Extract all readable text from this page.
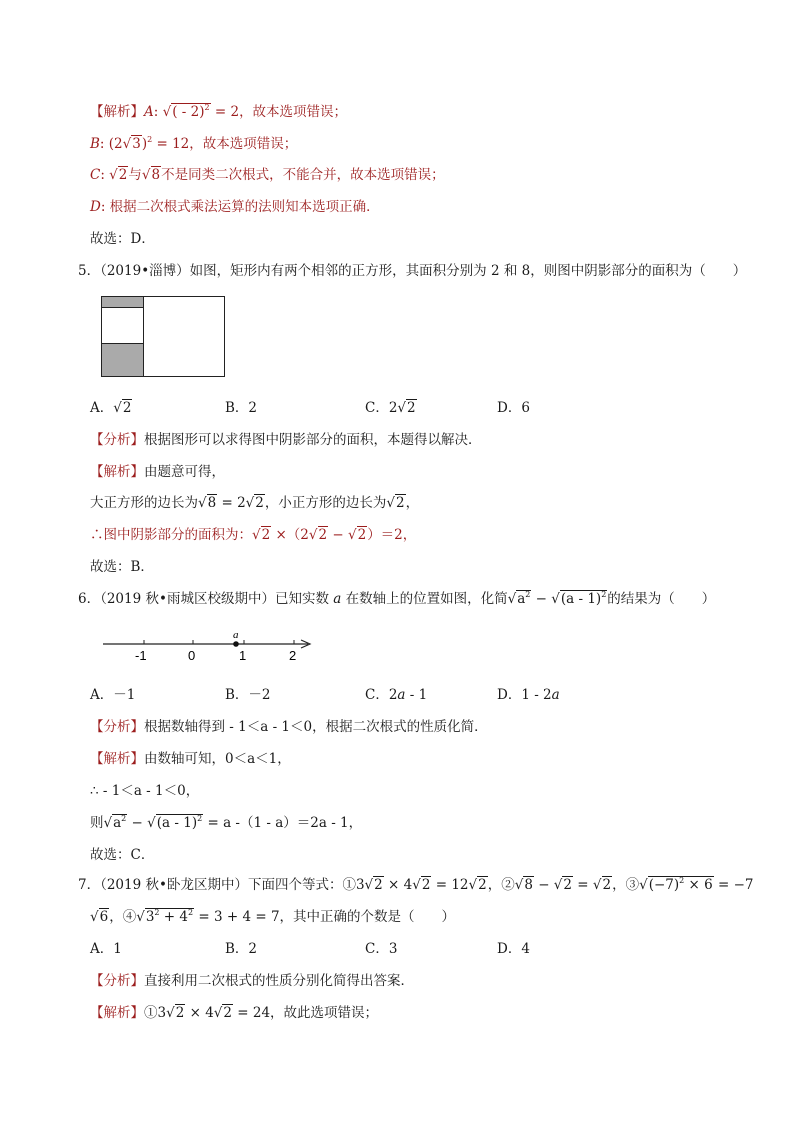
【解析】A: √( - 2)$^2$ = 2，故本选项错误；
B: $(2√3)^2 = 12$，故本选项错误；
C: √2与√8不是同类二次根式，不能合并，故本选项错误；
D: 根据二次根式乘法运算的法则知本选项正确．
故选：D．
5．（2019•淄博）如图，矩形内有两个相邻的正方形，其面积分别为 2 和 8，则图中阴影部分的面积为（　　）
A．√2	B．2	C．2√2	D．6
【分析】根据图形可以求得图中阴影部分的面积，本题得以解决．
【解析】由题意可得，
大正方形的边长为√8 = 2√2，小正方形的边长为√2，
∴图中阴影部分的面积为：√2 ×（2√2 − √2）＝2，
故选：B．
6．（2019 秋•雨城区校级期中）已知实数 a 在数轴上的位置如图，化简$√a^2 - √(a - 1)^2$的结果为（　　）
a
-1	0	1	2
A．－1	B．－2	C．2a - 1	D．1 - 2a
【分析】根据数轴得到 - 1＜a - 1＜0，根据二次根式的性质化简．
【解析】由数轴可知，0＜a＜1，
∴ - 1＜a - 1＜0，
则$√a^2 - √(a - 1)^2 = a$ -（1 - a）＝2a - 1，
故选：C．
7．（2019 秋•卧龙区期中）下面四个等式：①3√2 × 4√2 = 12√2，②√8 − √2 = √2，$③√(-7)^2 \times 6 = -7$
√6，$④√3^2 + 4^2 = 3 + 4 = 7$，其中正确的个数是（　　）
A．1	B．2	C．3	D．4
【分析】直接利用二次根式的性质分别化简得出答案．
【解析】①3√2 × 4√2 = 24，故此选项错误；
